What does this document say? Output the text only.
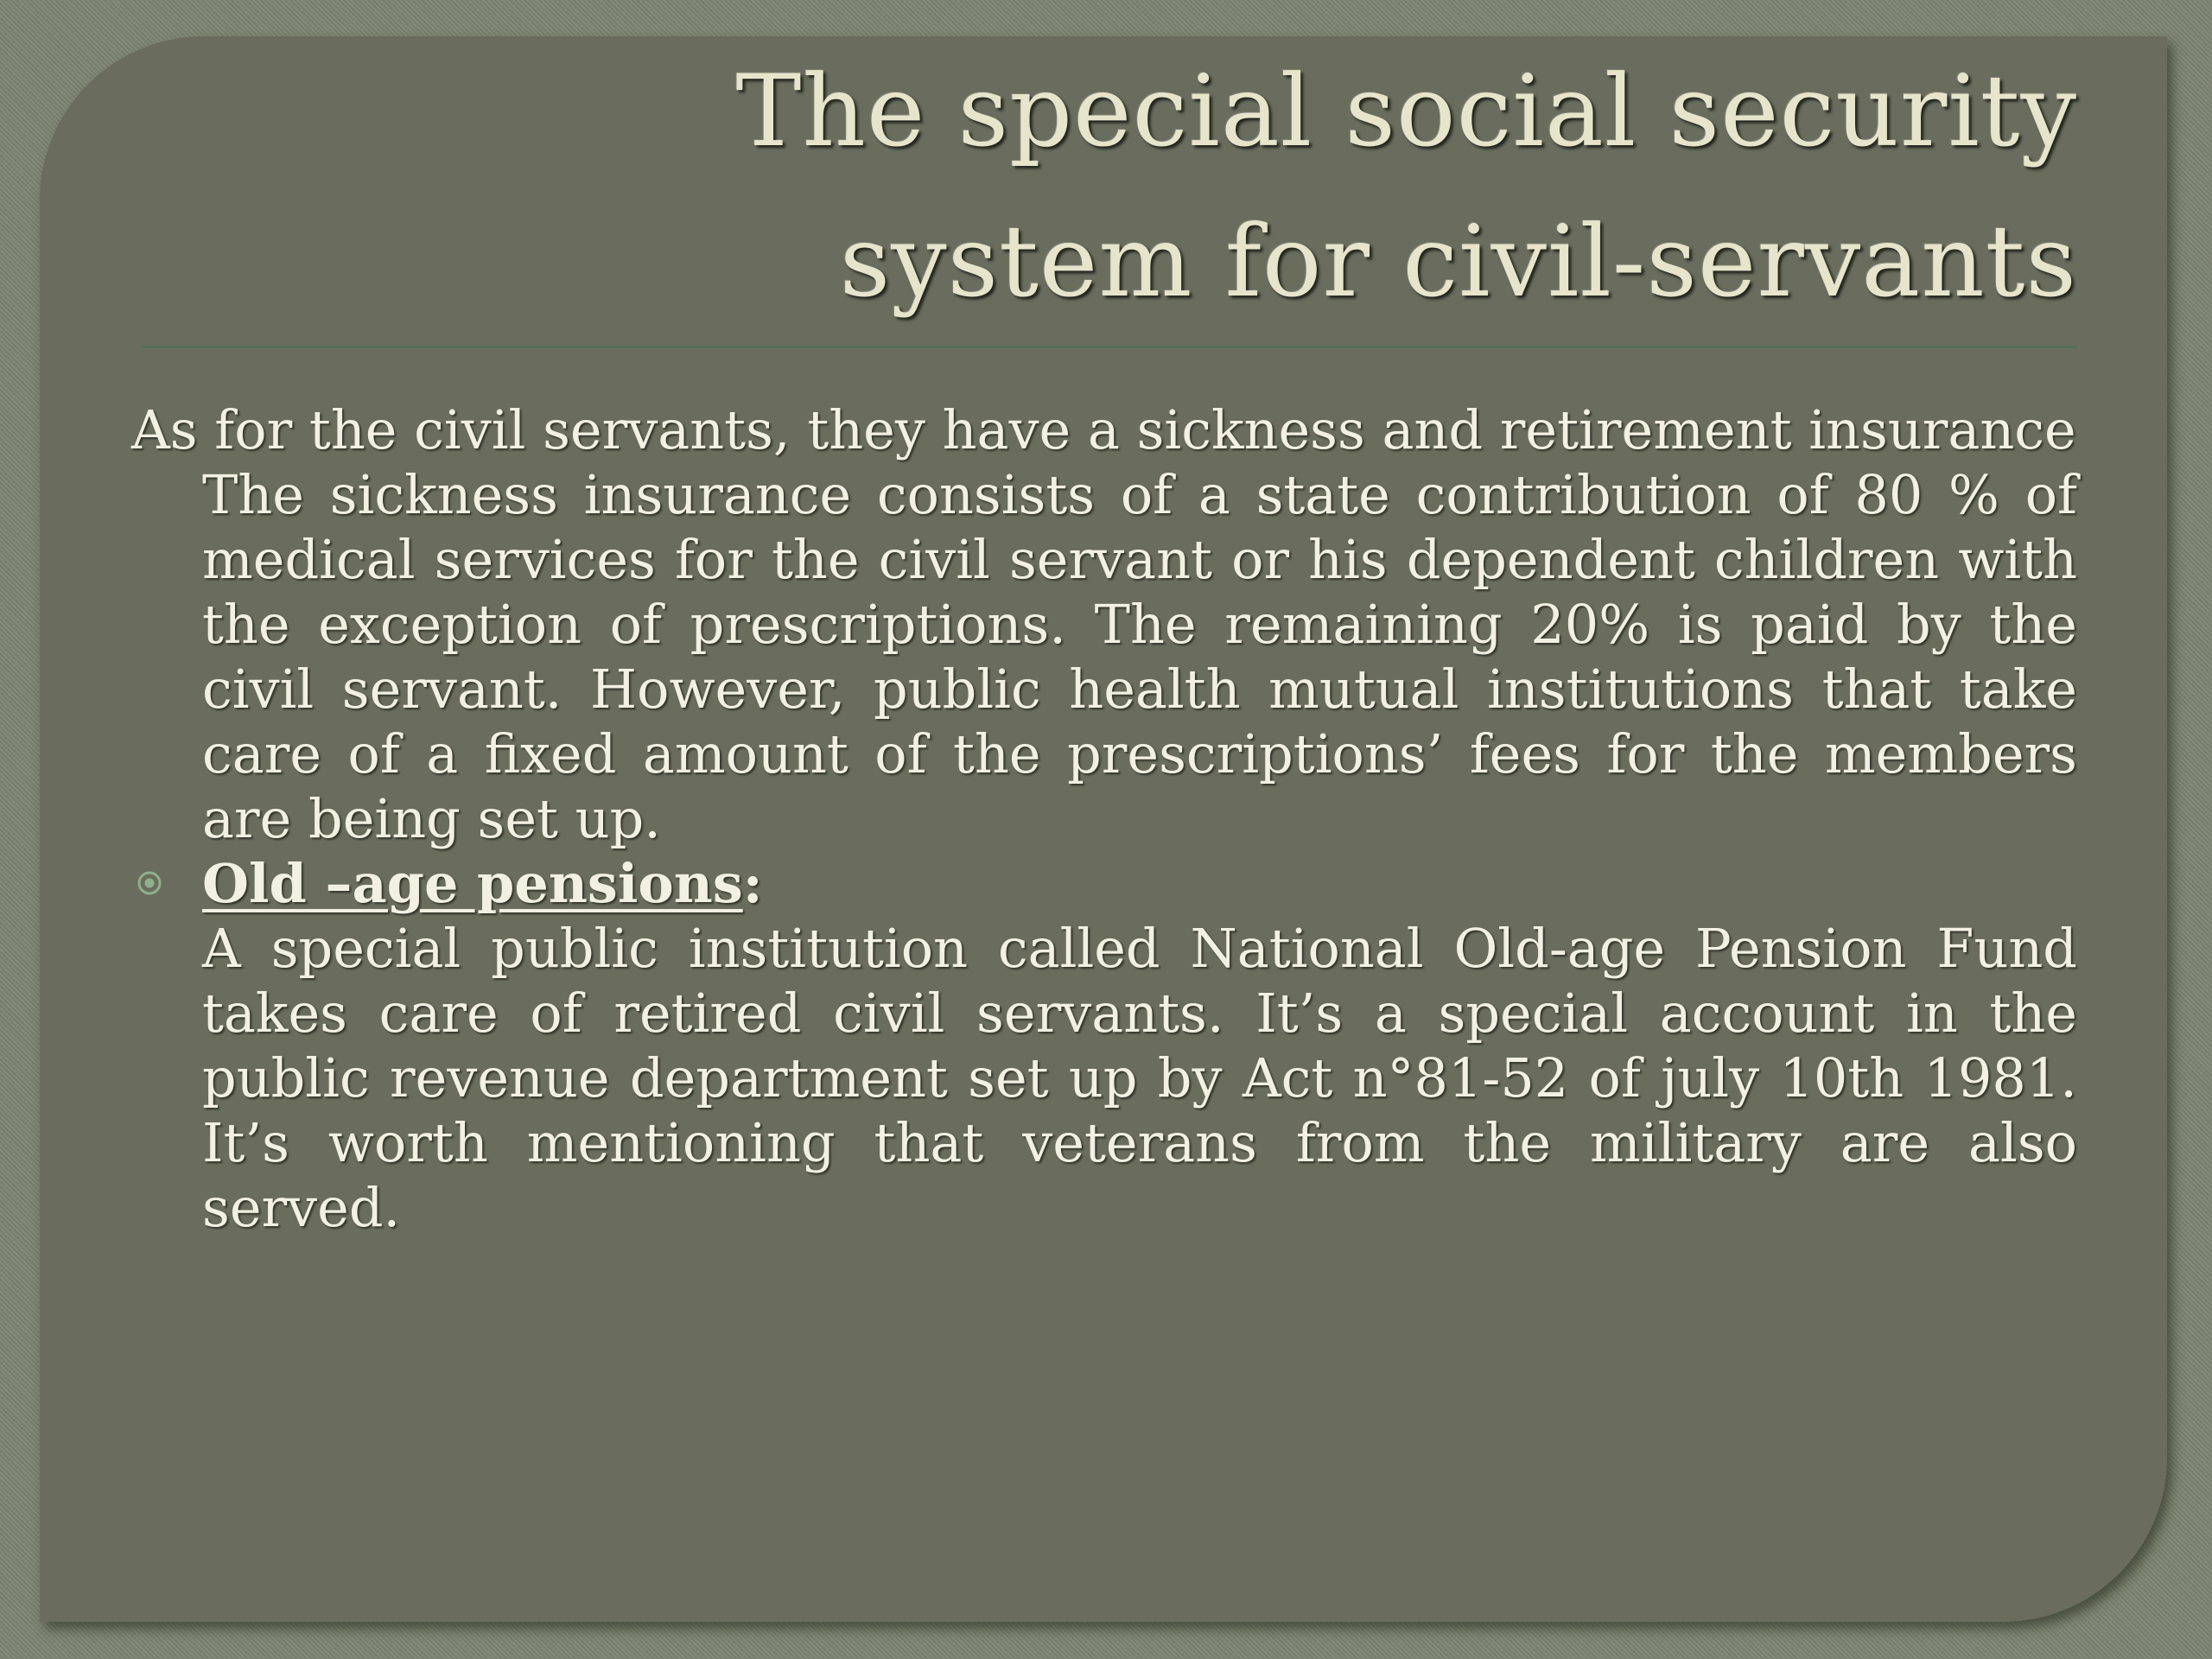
The special social security
system for civil-servants

As for the civil servants, they have a sickness and retirement insurance

The sickness insurance consists of a state contribution of 80 % of medical services for the civil servant or his dependent children with the exception of prescriptions. The remaining 20% is paid by the civil servant. However, public health mutual institutions that take care of a fixed amount of the prescriptions’ fees for the members are being set up.

Old –age pensions:

A special public institution called National Old-age Pension Fund takes care of retired civil servants. It’s a special account in the public revenue department set up by Act n°81-52 of july 10th 1981. It’s worth mentioning that veterans from the military are also served.
